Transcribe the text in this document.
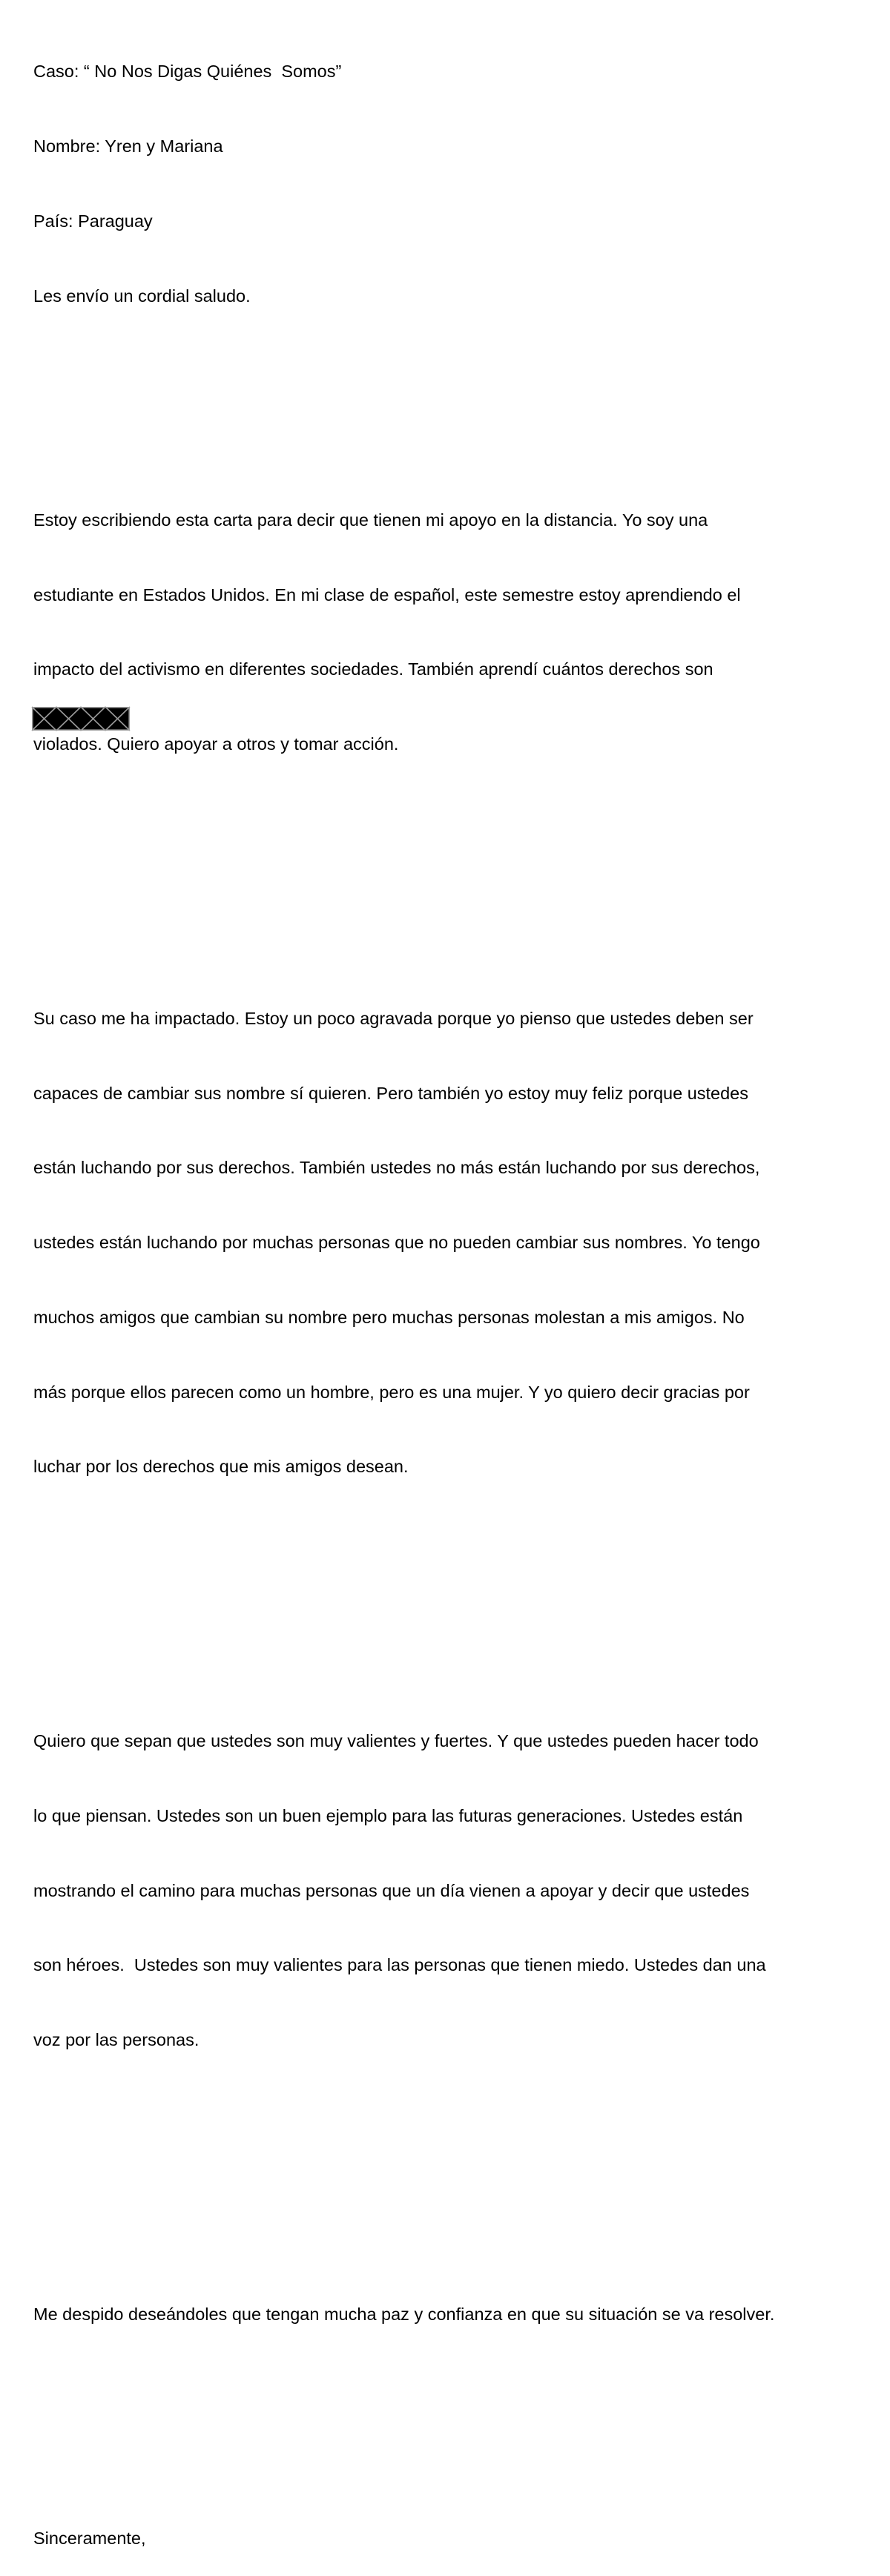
Caso: “ No Nos Digas Quiénes  Somos”

Nombre: Yren y Mariana

País: Paraguay

Les envío un cordial saludo.

Estoy escribiendo esta carta para decir que tienen mi apoyo en la distancia. Yo soy una

estudiante en Estados Unidos. En mi clase de español, este semestre estoy aprendiendo el

impacto del activismo en diferentes sociedades. También aprendí cuántos derechos son

violados. Quiero apoyar a otros y tomar acción.

Su caso me ha impactado. Estoy un poco agravada porque yo pienso que ustedes deben ser

capaces de cambiar sus nombre sí quieren. Pero también yo estoy muy feliz porque ustedes

están luchando por sus derechos. También ustedes no más están luchando por sus derechos,

ustedes están luchando por muchas personas que no pueden cambiar sus nombres. Yo tengo

muchos amigos que cambian su nombre pero muchas personas molestan a mis amigos. No

más porque ellos parecen como un hombre, pero es una mujer. Y yo quiero decir gracias por

luchar por los derechos que mis amigos desean.

Quiero que sepan que ustedes son muy valientes y fuertes. Y que ustedes pueden hacer todo

lo que piensan. Ustedes son un buen ejemplo para las futuras generaciones. Ustedes están

mostrando el camino para muchas personas que un día vienen a apoyar y decir que ustedes

son héroes.  Ustedes son muy valientes para las personas que tienen miedo. Ustedes dan una

voz por las personas.

Me despido deseándoles que tengan mucha paz y confianza en que su situación se va resolver.

Sinceramente,
